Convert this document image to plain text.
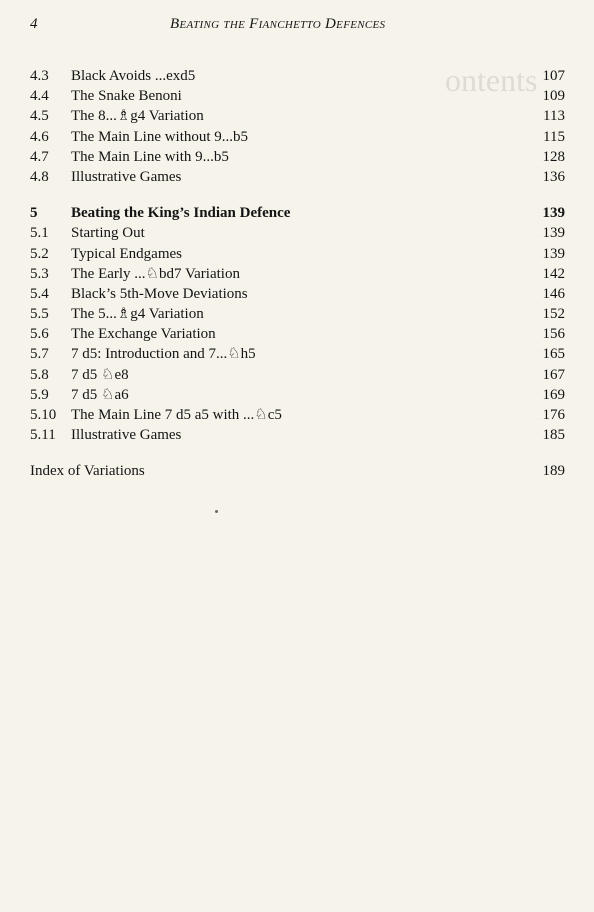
ontents
4	Beating the Fianchetto Defences
4.3 Black Avoids ...exd5	107
4.4 The Snake Benoni	109
4.5 The 8...♗g4 Variation	113
4.6 The Main Line without 9...b5	115
4.7 The Main Line with 9...b5	128
4.8 Illustrative Games	136
5 Beating the King’s Indian Defence	139
5.1 Starting Out	139
5.2 Typical Endgames	139
5.3 The Early ...♘bd7 Variation	142
5.4 Black’s 5th-Move Deviations	146
5.5 The 5...♗g4 Variation	152
5.6 The Exchange Variation	156
5.7 7 d5: Introduction and 7...♘h5	165
5.8 7 d5 ♘e8	167
5.9 7 d5 ♘a6	169
5.10 The Main Line 7 d5 a5 with ...♘c5	176
5.11 Illustrative Games	185
Index of Variations	189
